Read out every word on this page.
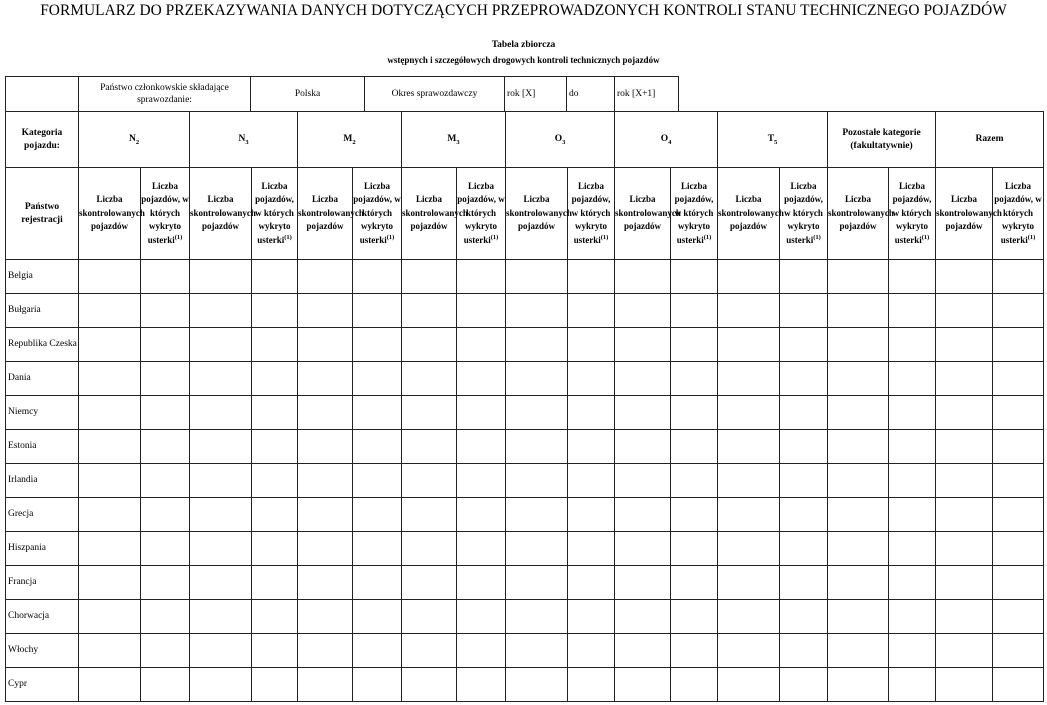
FORMULARZ DO PRZEKAZYWANIA DANYCH DOTYCZĄCYCH PRZEPROWADZONYCH KONTROLI STANU TECHNICZNEGO POJAZDÓW
Tabela zbiorcza
wstępnych i szczegółowych drogowych kontroli technicznych pojazdów
	Państwo członkowskie składające sprawozdanie:	Polska	Okres sprawozdawczy	rok [X]	do	rok [X+1]
Kategoria pojazdu:	$N_2$		$N_3$		$M_2$		$M_3$		$O_3$		$O_4$		$T_5$		Pozostałe kategorie (fakultatywnie)		Razem	
Państwo rejestracji	Liczba skontrolowanych pojazdów	Liczba pojazdów, w których wykryto usterki$^{(1)}$	Liczba skontrolowanych pojazdów	Liczba pojazdów, w których wykryto usterki$^{(1)}$	Liczba skontrolowanych pojazdów	Liczba pojazdów, w których wykryto usterki$^{(1)}$	Liczba skontrolowanych pojazdów	Liczba pojazdów, w których wykryto usterki$^{(1)}$	Liczba skontrolowanych pojazdów	Liczba pojazdów, w których wykryto usterki$^{(1)}$	Liczba skontrolowanych pojazdów	Liczba pojazdów, w których wykryto usterki$^{(1)}$	Liczba skontrolowanych pojazdów	Liczba pojazdów, w których wykryto usterki$^{(1)}$	Liczba skontrolowanych pojazdów	Liczba pojazdów, w których wykryto usterki$^{(1)}$	Liczba skontrolowanych pojazdów	Liczba pojazdów, w których wykryto usterki$^{(1)}$
Belgia																		
Bułgaria																		
Republika Czeska																		
Dania																		
Niemcy																		
Estonia																		
Irlandia																		
Grecja																		
Hiszpania																		
Francja																		
Chorwacja																		
Włochy																		
Cypr																		
